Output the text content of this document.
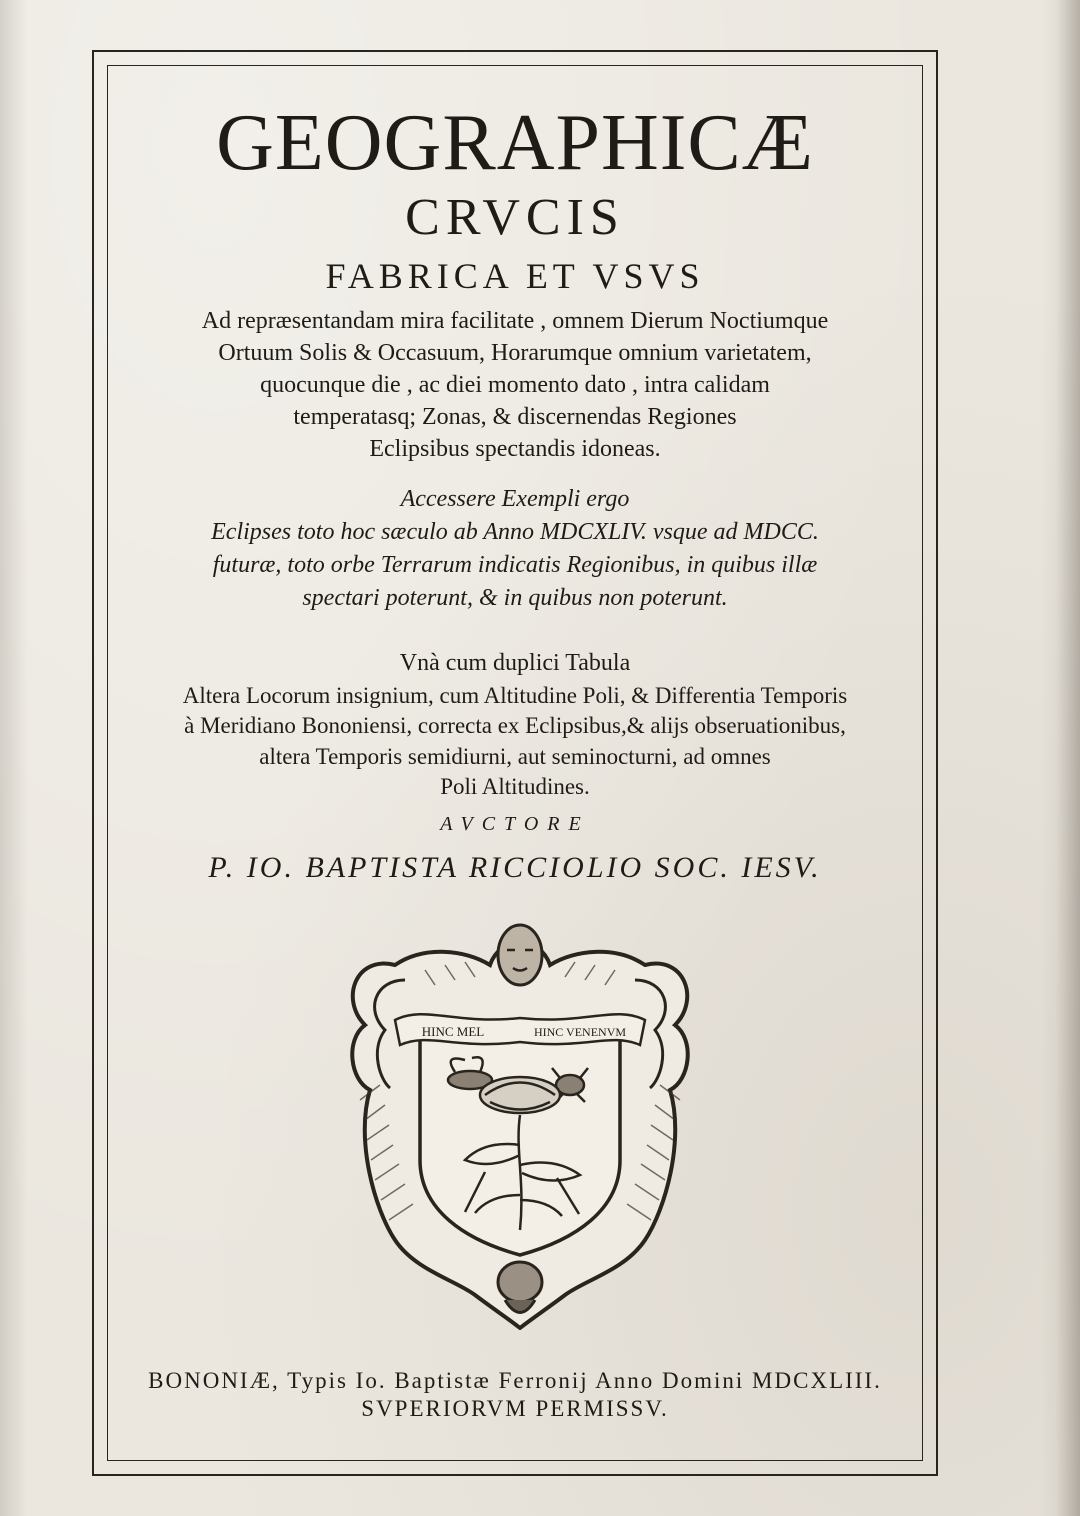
GEOGRAPHICÆ
CRVCIS
FABRICA ET VSVS
Ad repræsentandam mira facilitate , omnem Dierum Noctiumque
Ortuum Solis & Occasuum, Horarumque omnium varietatem,
quocunque die , ac diei momento dato , intra calidam
temperatasq; Zonas, & discernendas Regiones
Eclipsibus spectandis idoneas.
Accessere Exempli ergo
Eclipses toto hoc sæculo ab Anno MDCXLIV. vsque ad MDCC.
futuræ, toto orbe Terrarum indicatis Regionibus, in quibus illæ
spectari poterunt, & in quibus non poterunt.
Vnà cum duplici Tabula
Altera Locorum insignium, cum Altitudine Poli, & Differentia Temporis
à Meridiano Bononiensi, correcta ex Eclipsibus,& alijs obseruationibus,
altera Temporis semidiurni, aut seminocturni, ad omnes
Poli Altitudines.
AVCTORE
P. IO. BAPTISTA RICCIOLIO SOC. IESV.
HINC MEL	HINC VENENVM
BONONIÆ, Typis Io. Baptistæ Ferronij Anno Domini MDCXLIII.
SVPERIORVM PERMISSV.
